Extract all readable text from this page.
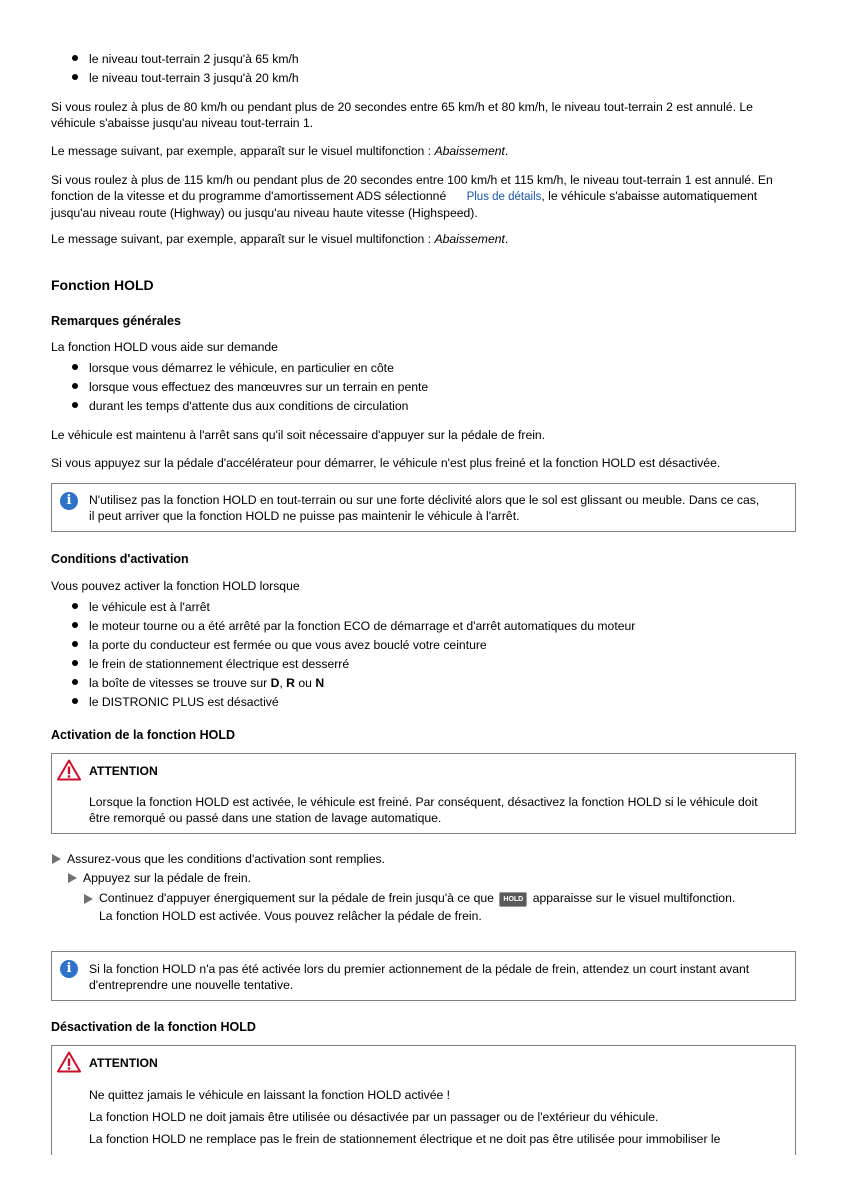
le niveau tout-terrain 2 jusqu'à 65 km/h
le niveau tout-terrain 3 jusqu'à 20 km/h
Si vous roulez à plus de 80 km/h ou pendant plus de 20 secondes entre 65 km/h et 80 km/h, le niveau tout-terrain 2 est annulé. Le véhicule s'abaisse jusqu'au niveau tout-terrain 1.
Le message suivant, par exemple, apparaît sur le visuel multifonction : Abaissement.
Si vous roulez à plus de 115 km/h ou pendant plus de 20 secondes entre 100 km/h et 115 km/h, le niveau tout-terrain 1 est annulé. En fonction de la vitesse et du programme d'amortissement ADS sélectionné Plus de détails, le véhicule s'abaisse automatiquement jusqu'au niveau route (Highway) ou jusqu'au niveau haute vitesse (Highspeed).
Le message suivant, par exemple, apparaît sur le visuel multifonction : Abaissement.
Fonction HOLD
Remarques générales
La fonction HOLD vous aide sur demande
lorsque vous démarrez le véhicule, en particulier en côte
lorsque vous effectuez des manœuvres sur un terrain en pente
durant les temps d'attente dus aux conditions de circulation
Le véhicule est maintenu à l'arrêt sans qu'il soit nécessaire d'appuyer sur la pédale de frein.
Si vous appuyez sur la pédale d'accélérateur pour démarrer, le véhicule n'est plus freiné et la fonction HOLD est désactivée.
i	N'utilisez pas la fonction HOLD en tout-terrain ou sur une forte déclivité alors que le sol est glissant ou meuble. Dans ce cas, il peut arriver que la fonction HOLD ne puisse pas maintenir le véhicule à l'arrêt.
Conditions d'activation
Vous pouvez activer la fonction HOLD lorsque
le véhicule est à l'arrêt
le moteur tourne ou a été arrêté par la fonction ECO de démarrage et d'arrêt automatiques du moteur
la porte du conducteur est fermée ou que vous avez bouclé votre ceinture
le frein de stationnement électrique est desserré
la boîte de vitesses se trouve sur D, R ou N
le DISTRONIC PLUS est désactivé
Activation de la fonction HOLD
ATTENTION
Lorsque la fonction HOLD est activée, le véhicule est freiné. Par conséquent, désactivez la fonction HOLD si le véhicule doit être remorqué ou passé dans une station de lavage automatique.
Assurez-vous que les conditions d'activation sont remplies.
Appuyez sur la pédale de frein.
Continuez d'appuyer énergiquement sur la pédale de frein jusqu'à ce que HOLD apparaisse sur le visuel multifonction.
La fonction HOLD est activée. Vous pouvez relâcher la pédale de frein.
i	Si la fonction HOLD n'a pas été activée lors du premier actionnement de la pédale de frein, attendez un court instant avant d'entreprendre une nouvelle tentative.
Désactivation de la fonction HOLD
ATTENTION
Ne quittez jamais le véhicule en laissant la fonction HOLD activée !
La fonction HOLD ne doit jamais être utilisée ou désactivée par un passager ou de l'extérieur du véhicule.
La fonction HOLD ne remplace pas le frein de stationnement électrique et ne doit pas être utilisée pour immobiliser le
